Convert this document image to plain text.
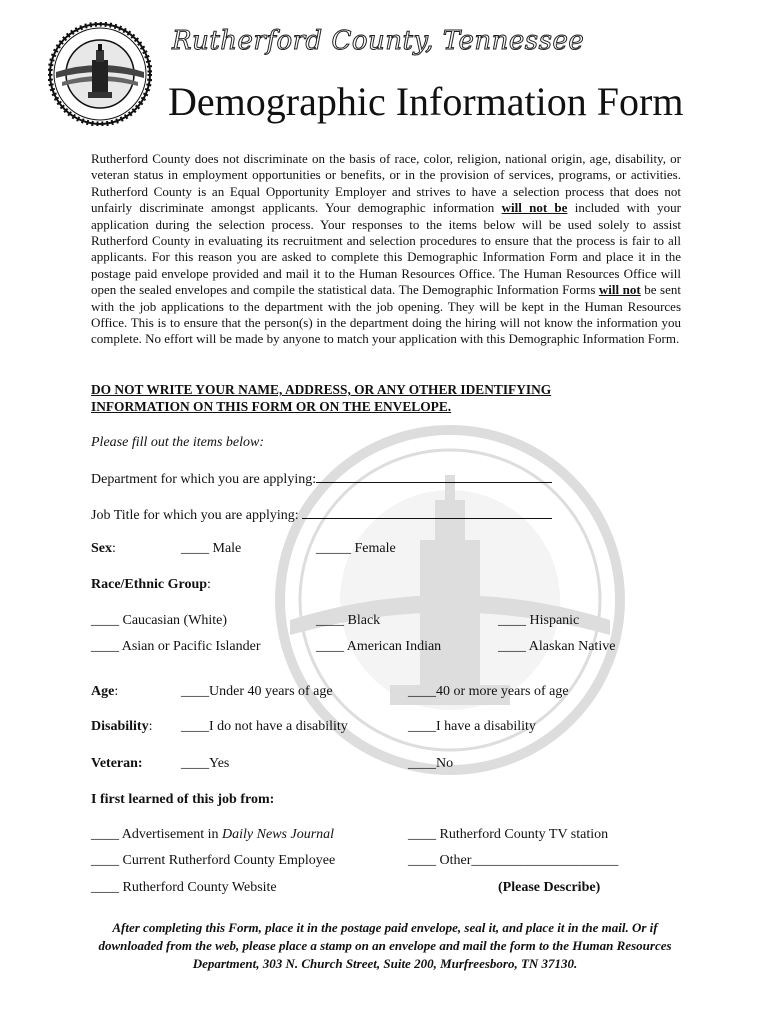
Rutherford County, Tennessee
Demographic Information Form
Rutherford County does not discriminate on the basis of race, color, religion, national origin, age, disability, or veteran status in employment opportunities or benefits, or in the provision of services, programs, or activities. Rutherford County is an Equal Opportunity Employer and strives to have a selection process that does not unfairly discriminate amongst applicants. Your demographic information will not be included with your application during the selection process. Your responses to the items below will be used solely to assist Rutherford County in evaluating its recruitment and selection procedures to ensure that the process is fair to all applicants. For this reason you are asked to complete this Demographic Information Form and place it in the postage paid envelope provided and mail it to the Human Resources Office. The Human Resources Office will open the sealed envelopes and compile the statistical data. The Demographic Information Forms will not be sent with the job applications to the department with the job opening. They will be kept in the Human Resources Office. This is to ensure that the person(s) in the department doing the hiring will not know the information you complete. No effort will be made by anyone to match your application with this Demographic Information Form.
DO NOT WRITE YOUR NAME, ADDRESS, OR ANY OTHER IDENTIFYING INFORMATION ON THIS FORM OR ON THE ENVELOPE.
Please fill out the items below:
Department for which you are applying:
Job Title for which you are applying:
Sex:	____ Male	_____ Female
Race/Ethnic Group:
____ Caucasian (White)	____ Black	____ Hispanic
____ Asian or Pacific Islander	____ American Indian	____ Alaskan Native
Age:	____Under 40 years of age	____40 or more years of age
Disability: ____I do not have a disability	____I have a disability
Veteran:	____Yes	____No
I first learned of this job from:
____ Advertisement in Daily News Journal	____ Rutherford County TV station
____ Current Rutherford County Employee	____ Other_____________________
____ Rutherford County Website	(Please Describe)
After completing this Form, place it in the postage paid envelope, seal it, and place it in the mail. Or if downloaded from the web, please place a stamp on an envelope and mail the form to the Human Resources Department, 303 N. Church Street, Suite 200, Murfreesboro, TN 37130.
